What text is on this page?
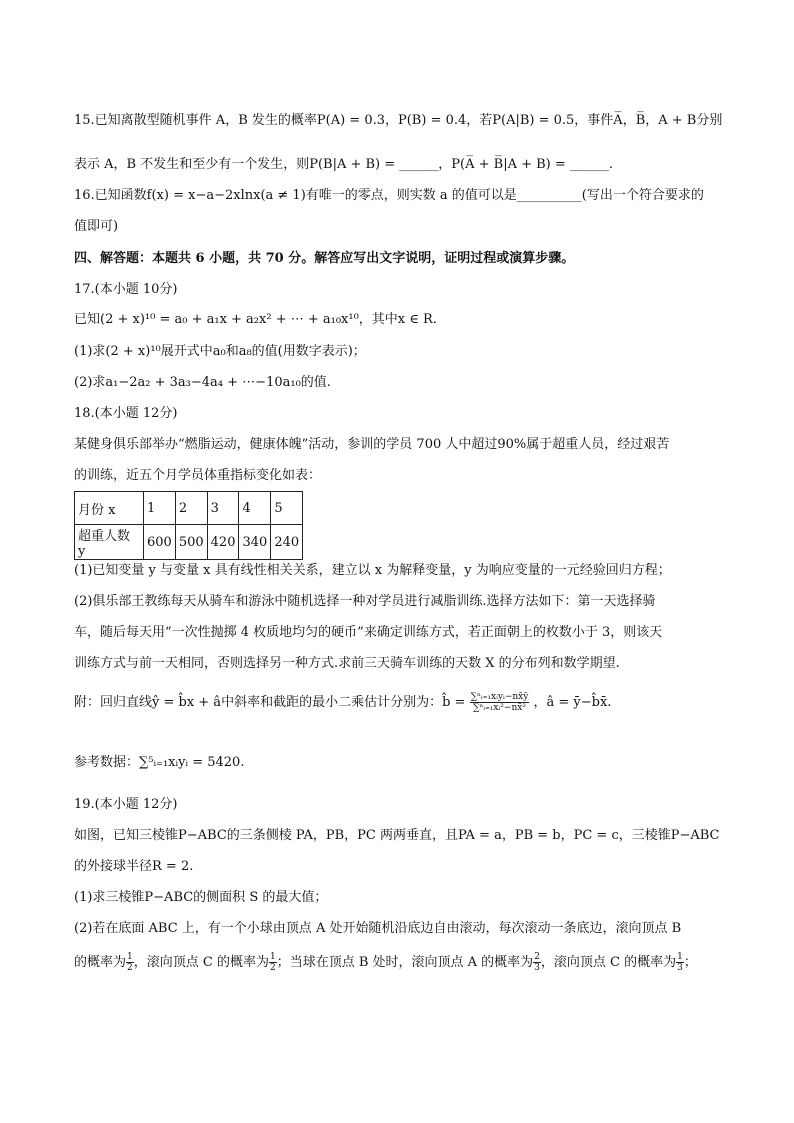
15.已知离散型随机事件 A，B 发生的概率P(A) = 0.3，P(B) = 0.4，若P(A|B) = 0.5，事件A̅，B̅，A + B分别
表示 A，B 不发生和至少有一个发生，则P(B|A + B) = ______，P(A̅ + B̅|A + B) = ______.
16.已知函数f(x) = x−a−2xlnx(a ≠ 1)有唯一的零点，则实数 a 的值可以是__________(写出一个符合要求的
值即可)
四、解答题：本题共 6 小题，共 70 分。解答应写出文字说明，证明过程或演算步骤。
17.(本小题 10分)
已知(2 + x)¹⁰ = a₀ + a₁x + a₂x² + ⋯ + a₁₀x¹⁰，其中x ∈ R.
(1)求(2 + x)¹⁰展开式中a₀和a₈的值(用数字表示)；
(2)求a₁−2a₂ + 3a₃−4a₄ + ⋯−10a₁₀的值.
18.(本小题 12分)
某健身俱乐部举办“燃脂运动，健康体魄”活动，参训的学员 700 人中超过90%属于超重人员，经过艰苦
的训练，近五个月学员体重指标变化如表：
月份 x	1	2	3	4	5
超重人数 y	600	500	420	340	240
(1)已知变量 y 与变量 x 具有线性相关关系，建立以 x 为解释变量，y 为响应变量的一元经验回归方程；
(2)俱乐部王教练每天从骑车和游泳中随机选择一种对学员进行减脂训练.选择方法如下：第一天选择骑
车，随后每天用“一次性抛掷 4 枚质地均匀的硬币”来确定训练方式，若正面朝上的枚数小于 3，则该天
训练方式与前一天相同，否则选择另一种方式.求前三天骑车训练的天数 X 的分布列和数学期望.
附：回归直线ŷ = b̂x + â中斜率和截距的最小二乘估计分别为：b̂ = $\frac{\text{∑ⁿᵢ₌₁xᵢyᵢ−nx̄ȳ}}{\text{∑ⁿᵢ₌₁xᵢ²−nx̄²}}$ ，â = ȳ−b̂x̄.
参考数据：∑⁵ᵢ₌₁xᵢyᵢ = 5420.
19.(本小题 12分)
如图，已知三棱锥P−ABC的三条侧棱 PA，PB，PC 两两垂直，且PA = a，PB = b，PC = c，三棱锥P−ABC
的外接球半径R = 2.
(1)求三棱锥P−ABC的侧面积 S 的最大值；
(2)若在底面 ABC 上，有一个小球由顶点 A 处开始随机沿底边自由滚动，每次滚动一条底边，滚向顶点 B
的概率为 $\frac{1}{2}$ ，滚向顶点 C 的概率为 $\frac{1}{2}$ ；当球在顶点 B 处时，滚向顶点 A 的概率为 $\frac{2}{3}$ ，滚向顶点 C 的概率为 $\frac{1}{3}$ ；
